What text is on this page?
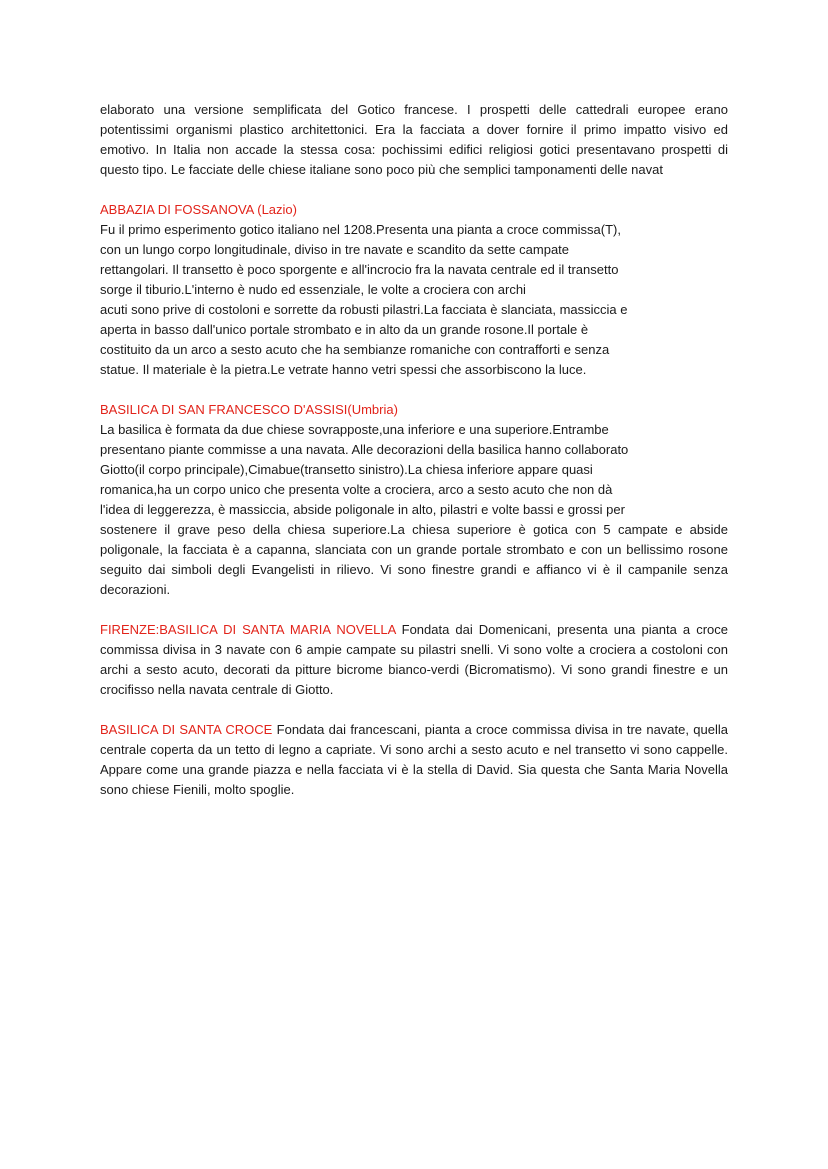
elaborato una versione semplificata del Gotico francese. I prospetti delle cattedrali europee erano potentissimi organismi plastico architettonici. Era la facciata a dover fornire il primo impatto visivo ed emotivo. In Italia non accade la stessa cosa: pochissimi edifici religiosi gotici presentavano prospetti di questo tipo. Le facciate delle chiese italiane sono poco più che semplici tamponamenti delle navat

ABBAZIA DI FOSSANOVA (Lazio)
Fu il primo esperimento gotico italiano nel 1208.Presenta una pianta a croce commissa(T),
con un lungo corpo longitudinale, diviso in tre navate e scandito da sette campate
rettangolari. Il transetto è poco sporgente e all'incrocio fra la navata centrale ed il transetto
sorge il tiburio.L'interno è nudo ed essenziale, le volte a crociera con archi
acuti sono prive di costoloni e sorrette da robusti pilastri.La facciata è slanciata, massiccia e
aperta in basso dall'unico portale strombato e in alto da un grande rosone.Il portale è
costituito da un arco a sesto acuto che ha sembianze romaniche con contrafforti e senza
statue. Il materiale è la pietra.Le vetrate hanno vetri spessi che assorbiscono la luce.
BASILICA DI SAN FRANCESCO D'ASSISI(Umbria)
La basilica è formata da due chiese sovrapposte,una inferiore e una superiore.Entrambe
presentano piante commisse a una navata. Alle decorazioni della basilica hanno collaborato
Giotto(il corpo principale),Cimabue(transetto sinistro).La chiesa inferiore appare quasi
romanica,ha un corpo unico che presenta volte a crociera, arco a sesto acuto che non dà
l'idea di leggerezza, è massiccia, abside poligonale in alto, pilastri e volte bassi e grossi per

sostenere il grave peso della chiesa superiore.La chiesa superiore è gotica con 5 campate e abside poligonale, la facciata è a capanna, slanciata con un grande portale strombato e con un bellissimo rosone seguito dai simboli degli Evangelisti in rilievo. Vi sono finestre grandi e affianco vi è il campanile senza decorazioni.

FIRENZE:BASILICA DI SANTA MARIA NOVELLA Fondata dai Domenicani, presenta una pianta a croce commissa divisa in 3 navate con 6 ampie campate su pilastri snelli. Vi sono volte a crociera a costoloni con archi a sesto acuto, decorati da pitture bicrome bianco-verdi (Bicromatismo). Vi sono grandi finestre e un crocifisso nella navata centrale di Giotto.

BASILICA DI SANTA CROCE Fondata dai francescani, pianta a croce commissa divisa in tre navate, quella centrale coperta da un tetto di legno a capriate. Vi sono archi a sesto acuto e nel transetto vi sono cappelle. Appare come una grande piazza e nella facciata vi è la stella di David. Sia questa che Santa Maria Novella sono chiese Fienili, molto spoglie.
